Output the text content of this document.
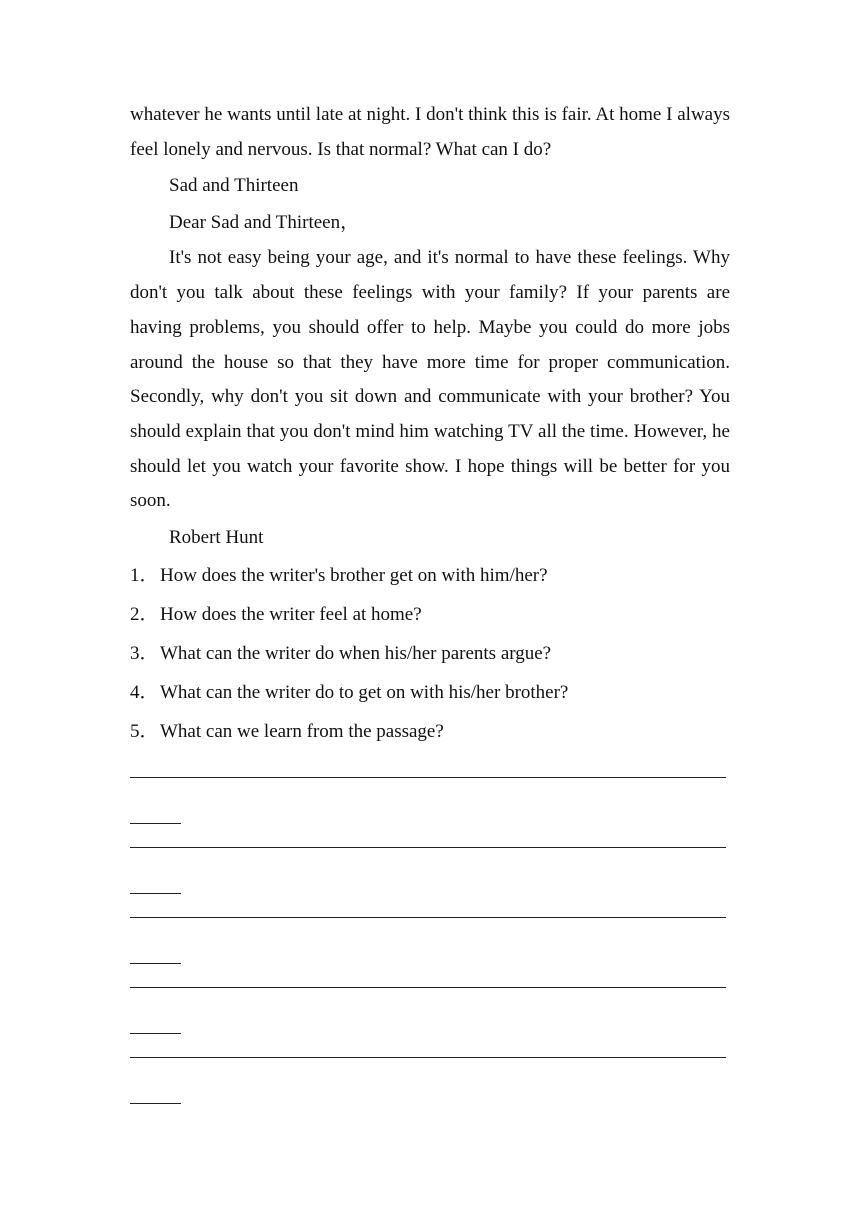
whatever he wants until late at night. I don't think this is fair. At home I always feel lonely and nervous. Is that normal? What can I do?

Sad and Thirteen

Dear Sad and Thirteen，

It's not easy being your age, and it's normal to have these feelings. Why don't you talk about these feelings with your family? If your parents are having problems, you should offer to help. Maybe you could do more jobs around the house so that they have more time for proper communication. Secondly, why don't you sit down and communicate with your brother? You should explain that you don't mind him watching TV all the time. However, he should let you watch your favorite show. I hope things will be better for you soon.

Robert Hunt

1． How does the writer's brother get on with him/her?
2． How does the writer feel at home?
3． What can the writer do when his/her parents argue?
4． What can the writer do to get on with his/her brother?
5． What can we learn from the passage?
